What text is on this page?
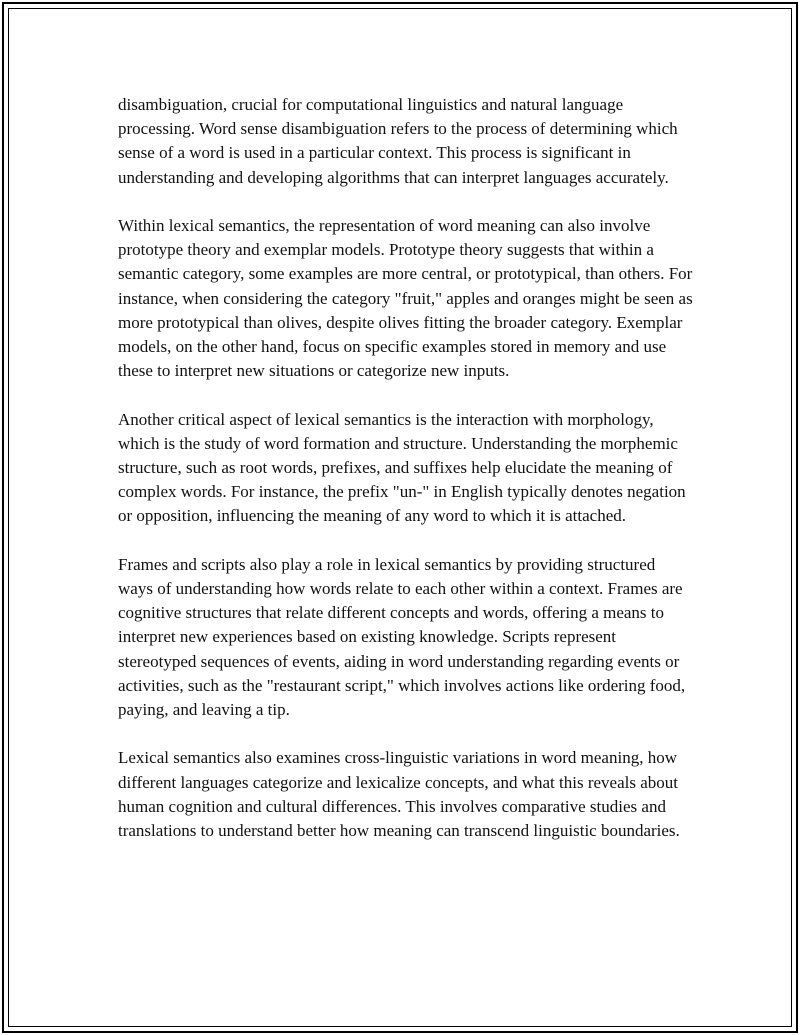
disambiguation, crucial for computational linguistics and natural language processing. Word sense disambiguation refers to the process of determining which sense of a word is used in a particular context. This process is significant in understanding and developing algorithms that can interpret languages accurately.

Within lexical semantics, the representation of word meaning can also involve prototype theory and exemplar models. Prototype theory suggests that within a semantic category, some examples are more central, or prototypical, than others. For instance, when considering the category "fruit," apples and oranges might be seen as more prototypical than olives, despite olives fitting the broader category. Exemplar models, on the other hand, focus on specific examples stored in memory and use these to interpret new situations or categorize new inputs.

Another critical aspect of lexical semantics is the interaction with morphology, which is the study of word formation and structure. Understanding the morphemic structure, such as root words, prefixes, and suffixes help elucidate the meaning of complex words. For instance, the prefix "un-" in English typically denotes negation or opposition, influencing the meaning of any word to which it is attached.

Frames and scripts also play a role in lexical semantics by providing structured ways of understanding how words relate to each other within a context. Frames are cognitive structures that relate different concepts and words, offering a means to interpret new experiences based on existing knowledge. Scripts represent stereotyped sequences of events, aiding in word understanding regarding events or activities, such as the "restaurant script," which involves actions like ordering food, paying, and leaving a tip.

Lexical semantics also examines cross-linguistic variations in word meaning, how different languages categorize and lexicalize concepts, and what this reveals about human cognition and cultural differences. This involves comparative studies and translations to understand better how meaning can transcend linguistic boundaries.
